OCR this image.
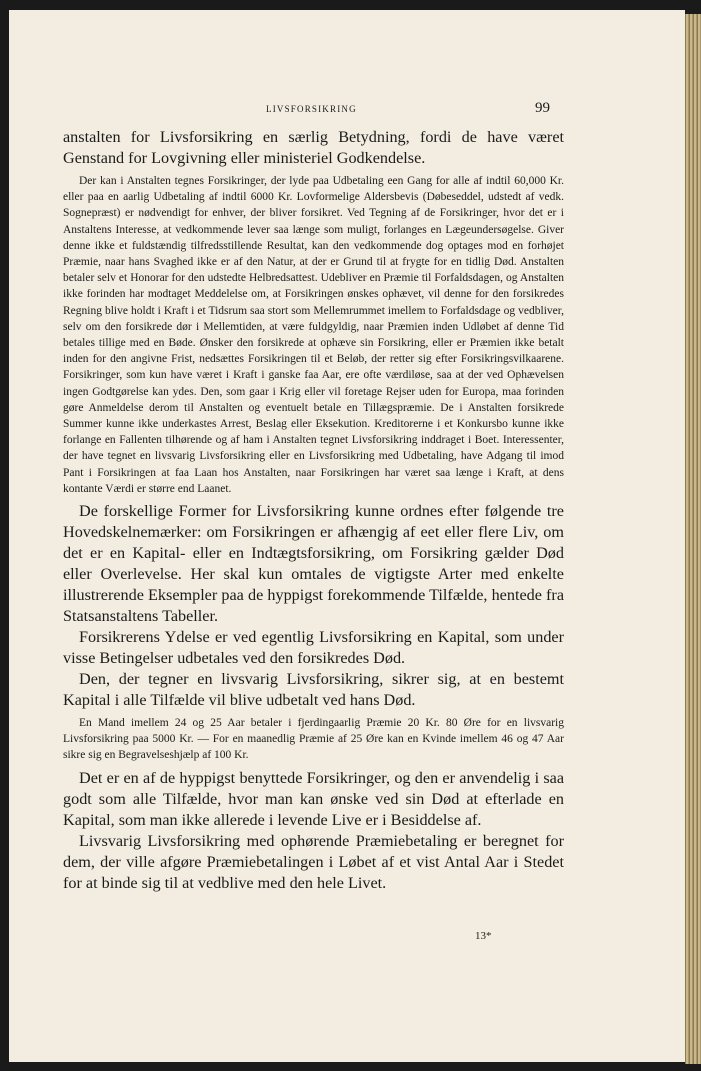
LIVSFORSIKRING	99

anstalten for Livsforsikring en særlig Betydning, fordi de have været Genstand for Lovgivning eller ministeriel Godkendelse.

Der kan i Anstalten tegnes Forsikringer, der lyde paa Udbetaling een Gang for alle af indtil 60,000 Kr. eller paa en aarlig Udbetaling af indtil 6000 Kr. Lovformelige Aldersbevis (Døbeseddel, udstedt af vedk. Sognepræst) er nødvendigt for enhver, der bliver forsikret. Ved Tegning af de Forsikringer, hvor det er i Anstaltens Interesse, at vedkommende lever saa længe som muligt, forlanges en Lægeundersøgelse. Giver denne ikke et fuldstændig tilfredsstillende Resultat, kan den vedkommende dog optages mod en forhøjet Præmie, naar hans Svaghed ikke er af den Natur, at der er Grund til at frygte for en tidlig Død. Anstalten betaler selv et Honorar for den udstedte Helbredsattest. Udebliver en Præmie til Forfaldsdagen, og Anstalten ikke forinden har modtaget Meddelelse om, at Forsikringen ønskes ophævet, vil denne for den forsikredes Regning blive holdt i Kraft i et Tidsrum saa stort som Mellemrummet imellem to Forfaldsdage og vedbliver, selv om den forsikrede dør i Mellemtiden, at være fuldgyldig, naar Præmien inden Udløbet af denne Tid betales tillige med en Bøde. Ønsker den forsikrede at ophæve sin Forsikring, eller er Præmien ikke betalt inden for den angivne Frist, nedsættes Forsikringen til et Beløb, der retter sig efter Forsikringsvilkaarene. Forsikringer, som kun have været i Kraft i ganske faa Aar, ere ofte værdiløse, saa at der ved Ophævelsen ingen Godtgørelse kan ydes. Den, som gaar i Krig eller vil foretage Rejser uden for Europa, maa forinden gøre Anmeldelse derom til Anstalten og eventuelt betale en Tillægspræmie. De i Anstalten forsikrede Summer kunne ikke underkastes Arrest, Beslag eller Eksekution. Kreditorerne i et Konkursbo kunne ikke forlange en Fallenten tilhørende og af ham i Anstalten tegnet Livsforsikring inddraget i Boet. Interessenter, der have tegnet en livsvarig Livsforsikring eller en Livsforsikring med Udbetaling, have Adgang til imod Pant i Forsikringen at faa Laan hos Anstalten, naar Forsikringen har været saa længe i Kraft, at dens kontante Værdi er større end Laanet.

De forskellige Former for Livsforsikring kunne ordnes efter følgende tre Hovedskelnemærker: om Forsikringen er afhængig af eet eller flere Liv, om det er en Kapital- eller en Indtægtsforsikring, om Forsikring gælder Død eller Overlevelse. Her skal kun omtales de vigtigste Arter med enkelte illustrerende Eksempler paa de hyppigst forekommende Tilfælde, hentede fra Statsanstaltens Tabeller.

Forsikrerens Ydelse er ved egentlig Livsforsikring en Kapital, som under visse Betingelser udbetales ved den forsikredes Død.

Den, der tegner en livsvarig Livsforsikring, sikrer sig, at en bestemt Kapital i alle Tilfælde vil blive udbetalt ved hans Død.

En Mand imellem 24 og 25 Aar betaler i fjerdingaarlig Præmie 20 Kr. 80 Øre for en livsvarig Livsforsikring paa 5000 Kr. — For en maanedlig Præmie af 25 Øre kan en Kvinde imellem 46 og 47 Aar sikre sig en Begravelseshjælp af 100 Kr.

Det er en af de hyppigst benyttede Forsikringer, og den er anvendelig i saa godt som alle Tilfælde, hvor man kan ønske ved sin Død at efterlade en Kapital, som man ikke allerede i levende Live er i Besiddelse af.

Livsvarig Livsforsikring med ophørende Præmiebetaling er beregnet for dem, der ville afgøre Præmiebetalingen i Løbet af et vist Antal Aar i Stedet for at binde sig til at vedblive med den hele Livet.

13*
